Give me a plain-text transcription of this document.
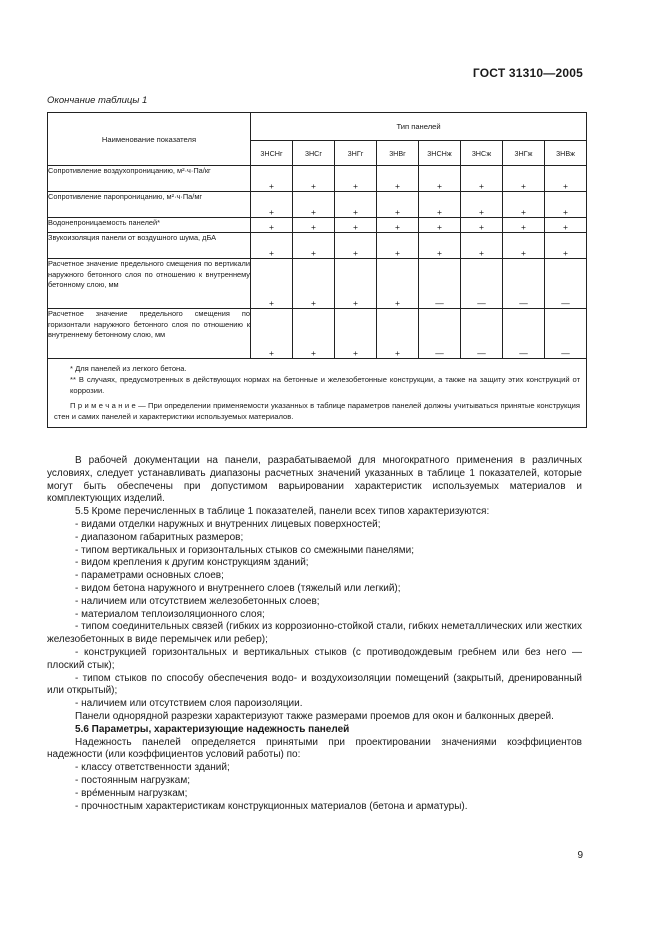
ГОСТ 31310—2005
Окончание таблицы 1
Наименование показателя	Тип панелей							
	3НСНг	3НСг	3НГг	3НВг	3НСНж	3НСж	3НГж	3НВж
Сопротивление воздухопроницанию, м²·ч·Па/кг	+	+	+	+	+	+	+	+
Сопротивление паропроницанию, м²·ч·Па/мг	+	+	+	+	+	+	+	+
Водонепроницаемость панелей*	+	+	+	+	+	+	+	+
Звукоизоляция панели от воздушного шума, дБА	+	+	+	+	+	+	+	+
Расчетное значение предельного смещения по вертикали наружного бетонного слоя по отношению к внутреннему бетонному слою, мм	+	+	+	+	—	—	—	—
Расчетное значение предельного смещения по горизонтали наружного бетонного слоя по отношению к внутреннему бетонному слою, мм	+	+	+	+	—	—	—	—

* Для панелей из легкого бетона.

** В случаях, предусмотренных в действующих нормах на бетонные и железобетонные конструкции, а также на защиту этих конструкций от коррозии.

П р и м е ч а н и е — При определении применяемости указанных в таблице параметров панелей должны учитываться принятые конструкция стен и самих панелей и характеристики используемых материалов.								

В рабочей документации на панели, разрабатываемой для многократного применения в различных условиях, следует устанавливать диапазоны расчетных значений указанных в таблице 1 показателей, которые могут быть обеспечены при допустимом варьировании характеристик используемых материалов и комплектующих изделий.

5.5 Кроме перечисленных в таблице 1 показателей, панели всех типов характеризуются:

- видами отделки наружных и внутренних лицевых поверхностей;

- диапазоном габаритных размеров;

- типом вертикальных и горизонтальных стыков со смежными панелями;

- видом крепления к другим конструкциям зданий;

- параметрами основных слоев;

- видом бетона наружного и внутреннего слоев (тяжелый или легкий);

- наличием или отсутствием железобетонных слоев;

- материалом теплоизоляционного слоя;

- типом соединительных связей (гибких из коррозионно-стойкой стали, гибких неметаллических или жестких железобетонных в виде перемычек или ребер);

- конструкцией горизонтальных и вертикальных стыков (с противодождевым гребнем или без него — плоский стык);

- типом стыков по способу обеспечения водо- и воздухоизоляции помещений (закрытый, дренированный или открытый);

- наличием или отсутствием слоя пароизоляции.

Панели однорядной разрезки характеризуют также размерами проемов для окон и балконных дверей.

5.6 Параметры, характеризующие надежность панелей

Надежность панелей определяется принятыми при проектировании значениями коэффициентов надежности (или коэффициентов условий работы) по:

- классу ответственности зданий;

- постоянным нагрузкам;

- вре́менным нагрузкам;

- прочностным характеристикам конструкционных материалов (бетона и арматуры).

9
